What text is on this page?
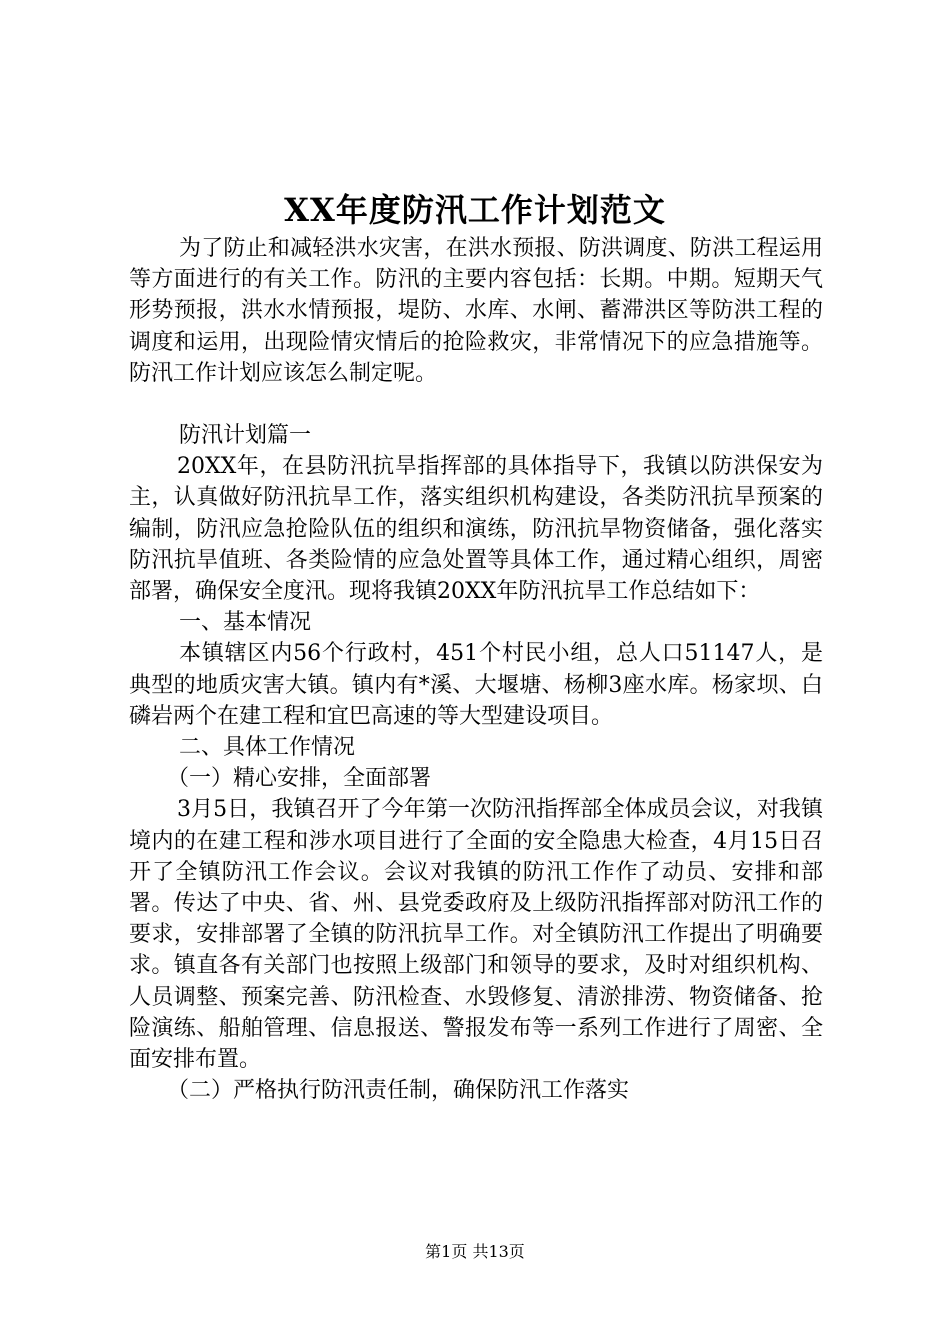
XX年度防汛工作计划范文

为了防止和减轻洪水灾害，在洪水预报、防洪调度、防洪工程运用等方面进行的有关工作。防汛的主要内容包括：长期。中期。短期天气形势预报，洪水水情预报，堤防、水库、水闸、蓄滞洪区等防洪工程的调度和运用，出现险情灾情后的抢险救灾，非常情况下的应急措施等。防汛工作计划应该怎么制定呢。

防汛计划篇一

20XX年，在县防汛抗旱指挥部的具体指导下，我镇以防洪保安为主，认真做好防汛抗旱工作，落实组织机构建设，各类防汛抗旱预案的编制，防汛应急抢险队伍的组织和演练，防汛抗旱物资储备，强化落实防汛抗旱值班、各类险情的应急处置等具体工作，通过精心组织，周密部署，确保安全度汛。现将我镇20XX年防汛抗旱工作总结如下：

一、基本情况

本镇辖区内56个行政村，451个村民小组，总人口51147人，是典型的地质灾害大镇。镇内有*溪、大堰塘、杨柳3座水库。杨家坝、白磷岩两个在建工程和宜巴高速的等大型建设项目。

二、具体工作情况

（一）精心安排，全面部署

3月5日，我镇召开了今年第一次防汛指挥部全体成员会议，对我镇境内的在建工程和涉水项目进行了全面的安全隐患大检查，4月15日召开了全镇防汛工作会议。会议对我镇的防汛工作作了动员、安排和部署。传达了中央、省、州、县党委政府及上级防汛指挥部对防汛工作的要求，安排部署了全镇的防汛抗旱工作。对全镇防汛工作提出了明确要求。镇直各有关部门也按照上级部门和领导的要求，及时对组织机构、人员调整、预案完善、防汛检查、水毁修复、清淤排涝、物资储备、抢险演练、船舶管理、信息报送、警报发布等一系列工作进行了周密、全面安排布置。

（二）严格执行防汛责任制，确保防汛工作落实

第1页 共13页
